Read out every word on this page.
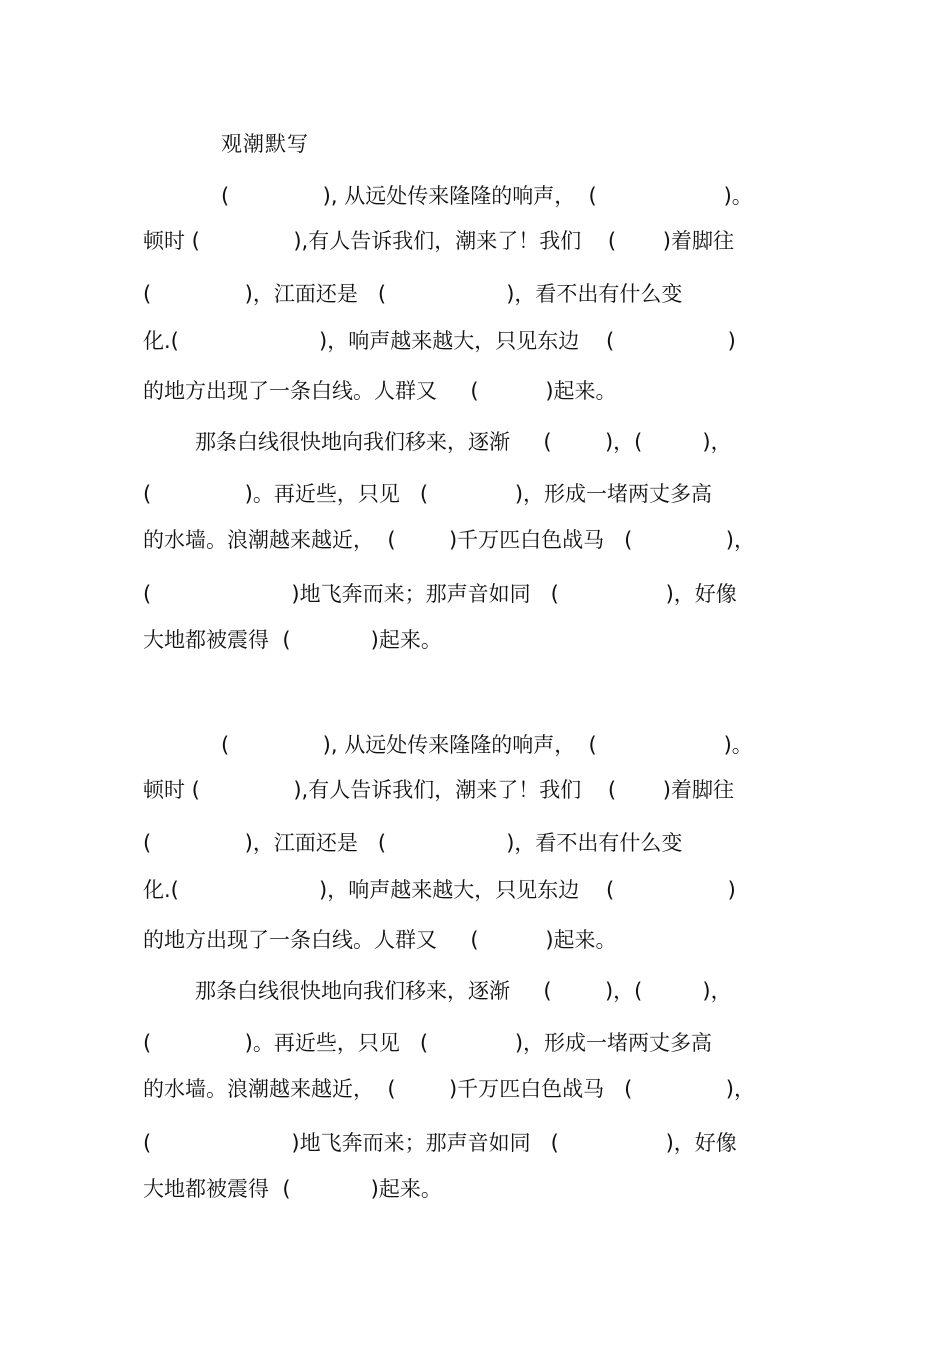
观潮默写
(              ), 从远处传来隆隆的响声，  (                   )。
顿时 (              ),有人告诉我们，潮来了！我们    (       )着脚往
(              )，江面还是   (                  )，看不出有什么变
化.(                     )，响声越来越大，只见东边    (                 )
的地方出现了一条白线。人群又     (          )起来。
那条白线很快地向我们移来，逐渐     (        )，(         )，
(              )。再近些，只见   (             )，形成一堵两丈多高
的水墙。浪潮越来越近，  (        )千万匹白色战马   (              )，
(                     )地飞奔而来；那声音如同   (                )，好像
大地都被震得  (            )起来。
(              ), 从远处传来隆隆的响声，  (                   )。
顿时 (              ),有人告诉我们，潮来了！我们    (       )着脚往
(              )，江面还是   (                  )，看不出有什么变
化.(                     )，响声越来越大，只见东边    (                 )
的地方出现了一条白线。人群又     (          )起来。
那条白线很快地向我们移来，逐渐     (        )，(         )，
(              )。再近些，只见   (             )，形成一堵两丈多高
的水墙。浪潮越来越近，  (        )千万匹白色战马   (              )，
(                     )地飞奔而来；那声音如同   (                )，好像
大地都被震得  (            )起来。
